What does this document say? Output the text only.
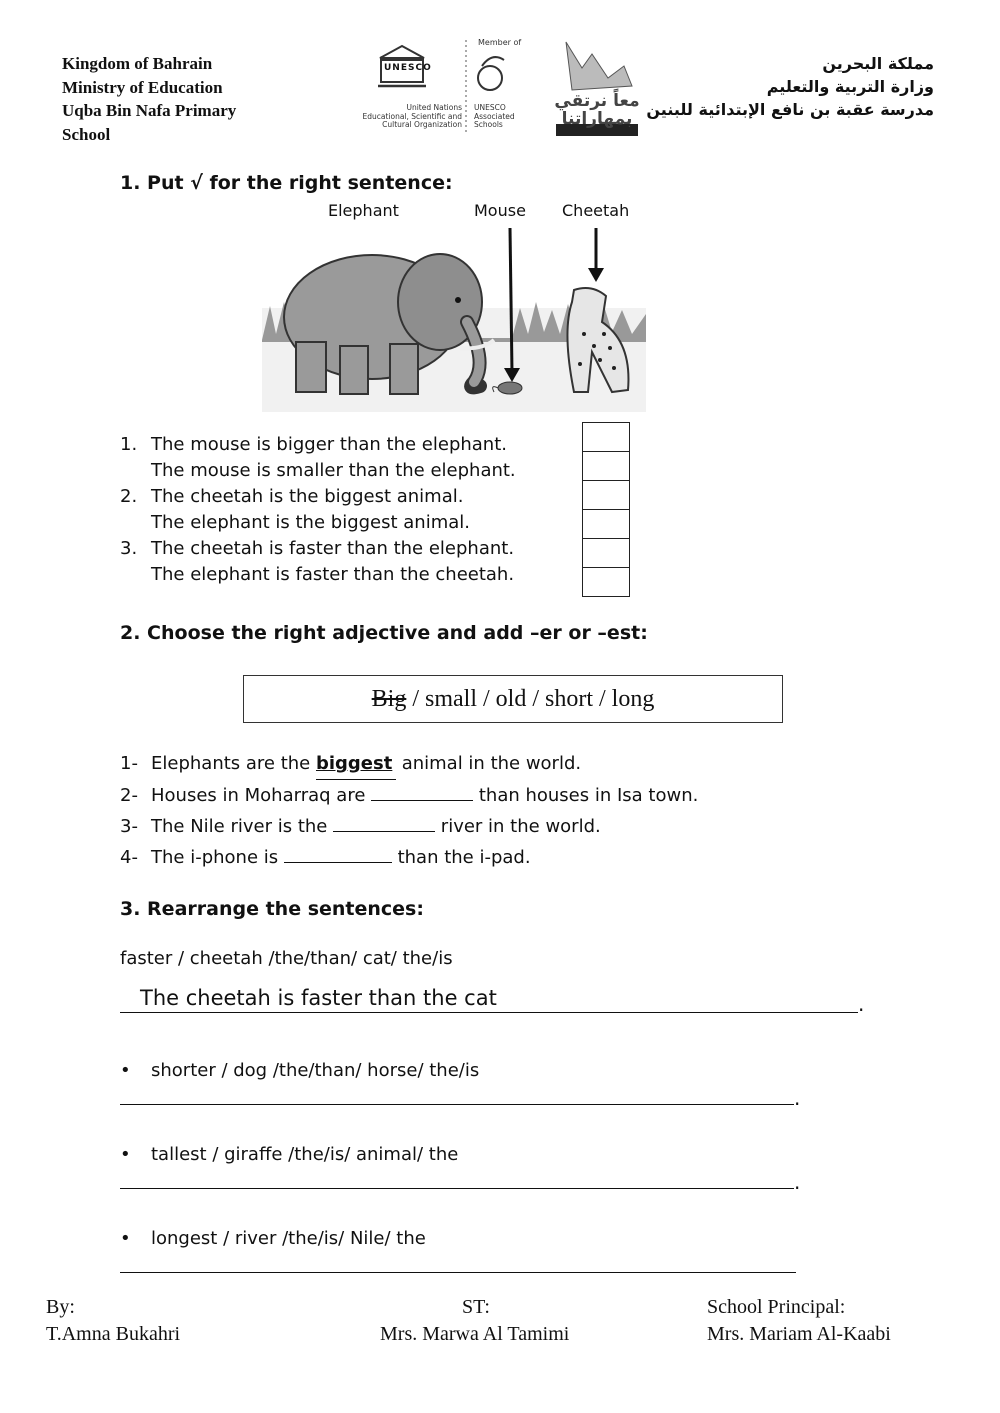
Kingdom of Bahrain
Ministry of Education
Uqba Bin Nafa Primary
School
UNESCO
Member of
United Nations
Educational, Scientific and
Cultural Organization
UNESCO
Associated
Schools
معاً نرتقي
بمهاراتنا
مملكة البحرين
وزارة التربية والتعليم
مدرسة عقبة بن نافع الإبتدائية للبنين
1. Put √ for the right sentence:
Elephant	Mouse Cheetah
1. The mouse is bigger than the elephant.
The mouse is smaller than the elephant.
2. The cheetah is the biggest animal.
The elephant is the biggest animal.
3. The cheetah is faster than the elephant.
The elephant is faster than the cheetah.
2. Choose the right adjective and add –er or –est:
Big / small / old / short / long
1- Elephants are the biggest animal in the world.
2- Houses in Moharraq are	than houses in Isa town.
3- The Nile river is the	river in the world.
4- The i-phone is	than the i-pad.
3. Rearrange the sentences:
faster / cheetah /the/than/ cat/ the/is
The cheetah is faster than the cat	.
• shorter / dog /the/than/ horse/ the/is
.
• tallest / giraffe /the/is/ animal/ the
.
• longest / river /the/is/ Nile/ the
By:
T.Amna Bukahri
ST:
Mrs. Marwa Al Tamimi
School Principal:
Mrs. Mariam Al-Kaabi
